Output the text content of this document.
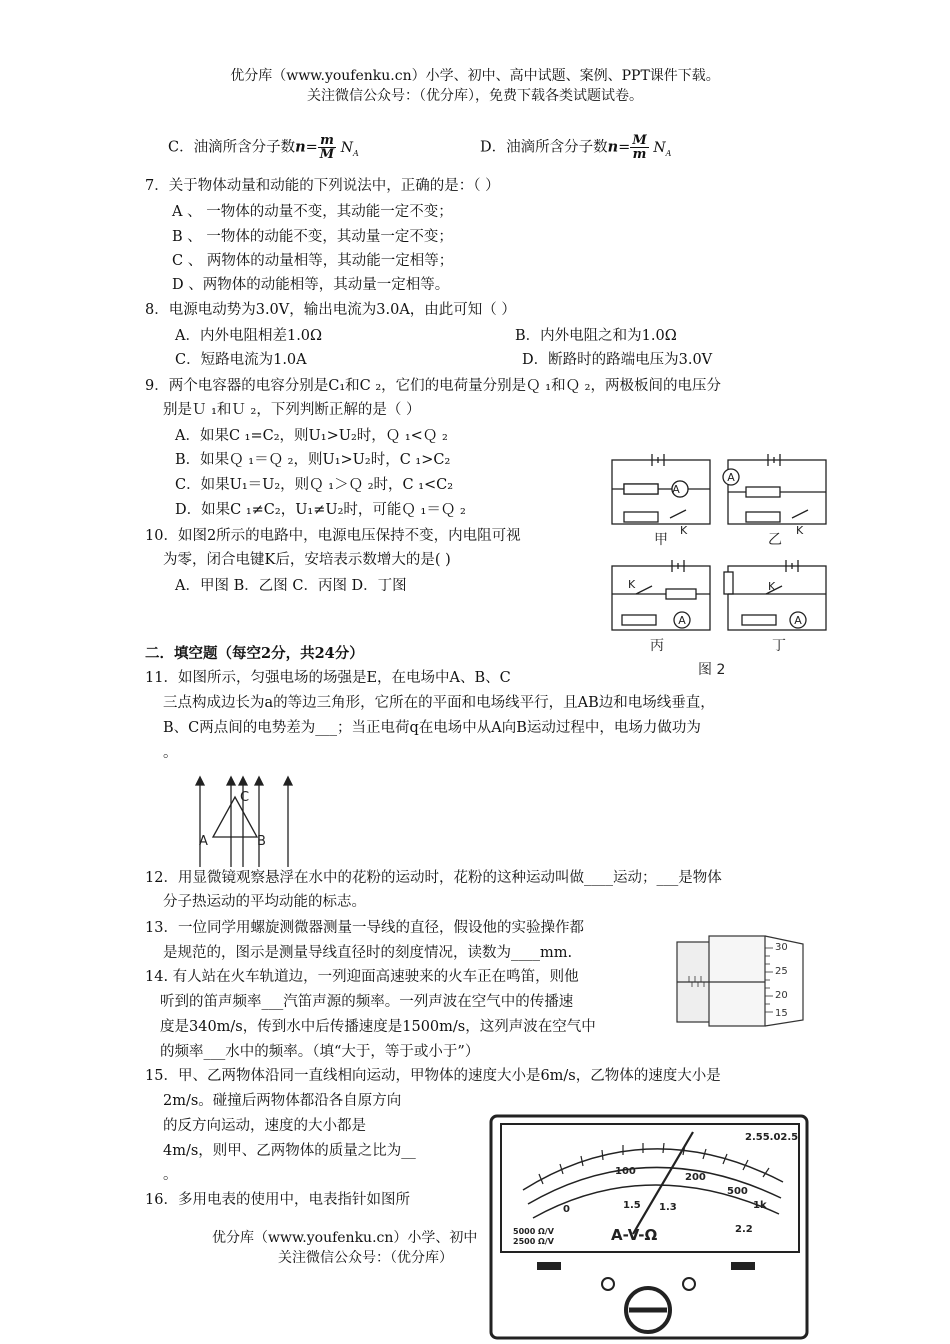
优分库（www.youfenku.cn）小学、初中、高中试题、案例、PPT课件下载。
关注微信公众号：（优分库），免费下载各类试题试卷。
C．油滴所含分子数$n= \frac{m}{M} N_A$	D．油滴所含分子数$n= \frac{M}{m} N_A$
7．关于物体动量和动能的下列说法中，正确的是：（ ）
A 、 一物体的动量不变，其动能一定不变；
B 、 一物体的动能不变，其动量一定不变；
C 、 两物体的动量相等，其动能一定相等；
D 、两物体的动能相等，其动量一定相等。
8．电源电动势为3.0V，输出电流为3.0A，由此可知（ ）
A．内外电阻相差1.0Ω	B．内外电阻之和为1.0Ω
C．短路电流为1.0A	D．断路时的路端电压为3.0V
9．两个电容器的电容分别是C₁和C ₂，它们的电荷量分别是Ｑ ₁和Ｑ ₂，两极板间的电压分
别是Ｕ ₁和Ｕ ₂，下列判断正解的是（ ）
A．如果C ₁=C₂，则U₁>U₂时，Ｑ ₁<Ｑ ₂
B．如果Ｑ ₁＝Ｑ ₂，则U₁>U₂时，C ₁>C₂
C．如果U₁＝U₂，则Ｑ ₁＞Ｑ ₂时，C ₁<C₂
D．如果C ₁≠C₂，U₁≠U₂时，可能Ｑ ₁＝Ｑ ₂
10．如图2所示的电路中，电源电压保持不变，内电阻可视
为零，闭合电键K后，安培表示数增大的是( )
A．甲图 B．乙图 C．丙图 D．丁图
A
A
A	A
K	K
K	K
甲	乙
丙	丁
图 2
二．填空题（每空2分，共24分）
11．如图所示，匀强电场的场强是E，在电场中A、B、C
三点构成边长为a的等边三角形，它所在的平面和电场线平行，且AB边和电场线垂直，
B、C两点间的电势差为___；当正电荷q在电场中从A向B运动过程中，电场力做功为
。
A	B
C
12．用显微镜观察悬浮在水中的花粉的运动时，花粉的这种运动叫做____运动；___是物体
分子热运动的平均动能的标志。
13．一位同学用螺旋测微器测量一导线的直径，假设他的实验操作都
是规范的，图示是测量导线直径时的刻度情况，读数为____mm.	30
25
20
15
14. 有人站在火车轨道边，一列迎面高速驶来的火车正在鸣笛，则他
听到的笛声频率___汽笛声源的频率。一列声波在空气中的传播速
度是340m/s，传到水中后传播速度是1500m/s，这列声波在空气中
的频率___水中的频率。（填“大于，等于或小于”）
15．甲、乙两物体沿同一直线相向运动，甲物体的速度大小是6m/s，乙物体的速度大小是
2m/s。碰撞后两物体都沿各自原方向
的反方向运动，速度的大小都是
4m/s，则甲、乙两物体的质量之比为__
。
16．多用电表的使用中，电表指针如图所
优分库（www.youfenku.cn）小学、初中
关注微信公众号：（优分库）
2.55.02.5
5000 Ω/V
2500 Ω/V	A-V-Ω
0	1.5
2.2
1.3
100
200
500
1k
